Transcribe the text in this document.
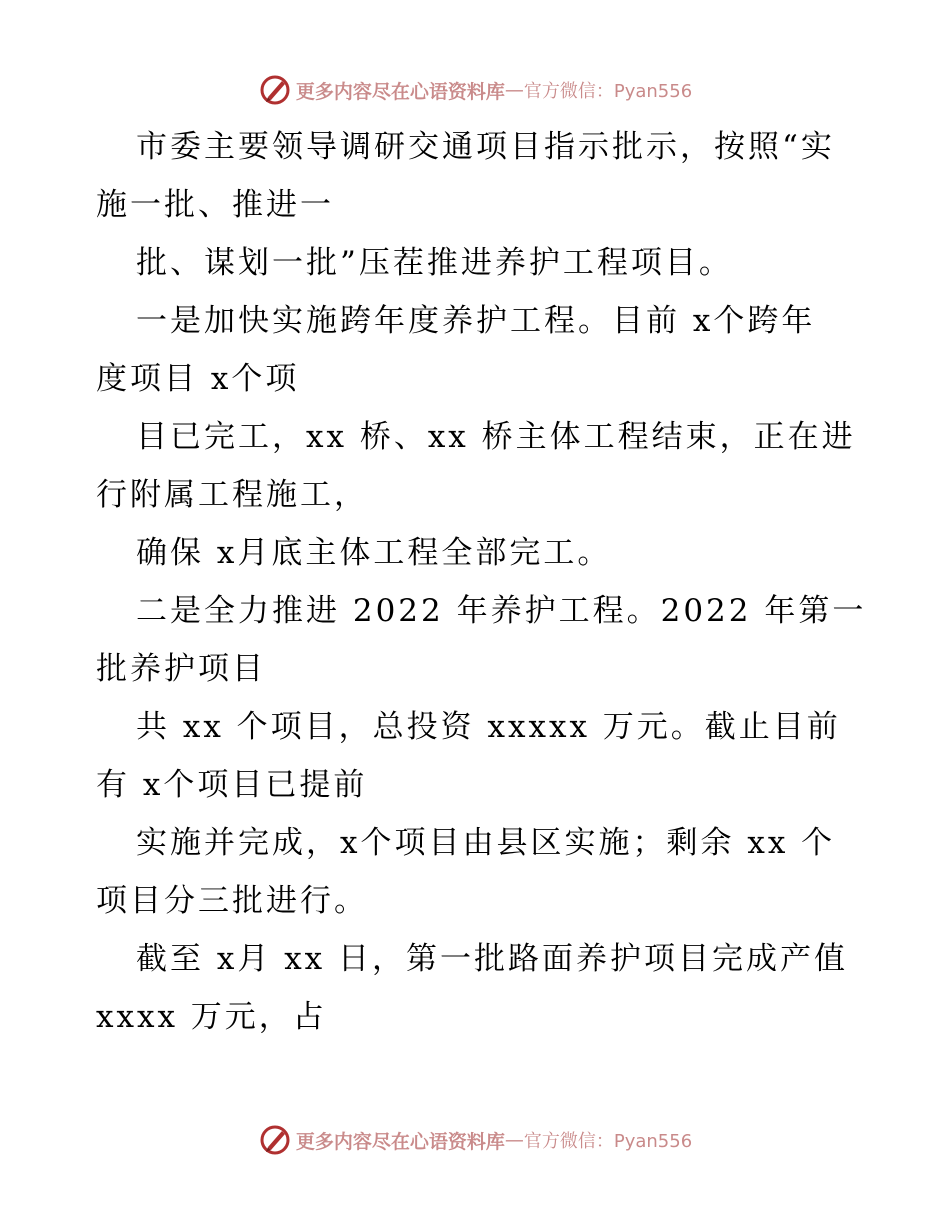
更多内容尽在心语资料库 — 官方微信：Pyan556
市委主要领导调研交通项目指示批示，按照“实
施一批、推进一
批、谋划一批”压茬推进养护工程项目。
一是加快实施跨年度养护工程。目前 x个跨年
度项目 x个项
目已完工，xx 桥、xx 桥主体工程结束，正在进
行附属工程施工，
确保 x月底主体工程全部完工。
二是全力推进 2022 年养护工程。2022 年第一
批养护项目
共 xx 个项目，总投资 xxxxx 万元。截止目前
有 x个项目已提前
实施并完成，x个项目由县区实施；剩余 xx 个
项目分三批进行。
截至 x月 xx 日，第一批路面养护项目完成产值
xxxx 万元，占
更多内容尽在心语资料库 — 官方微信：Pyan556
